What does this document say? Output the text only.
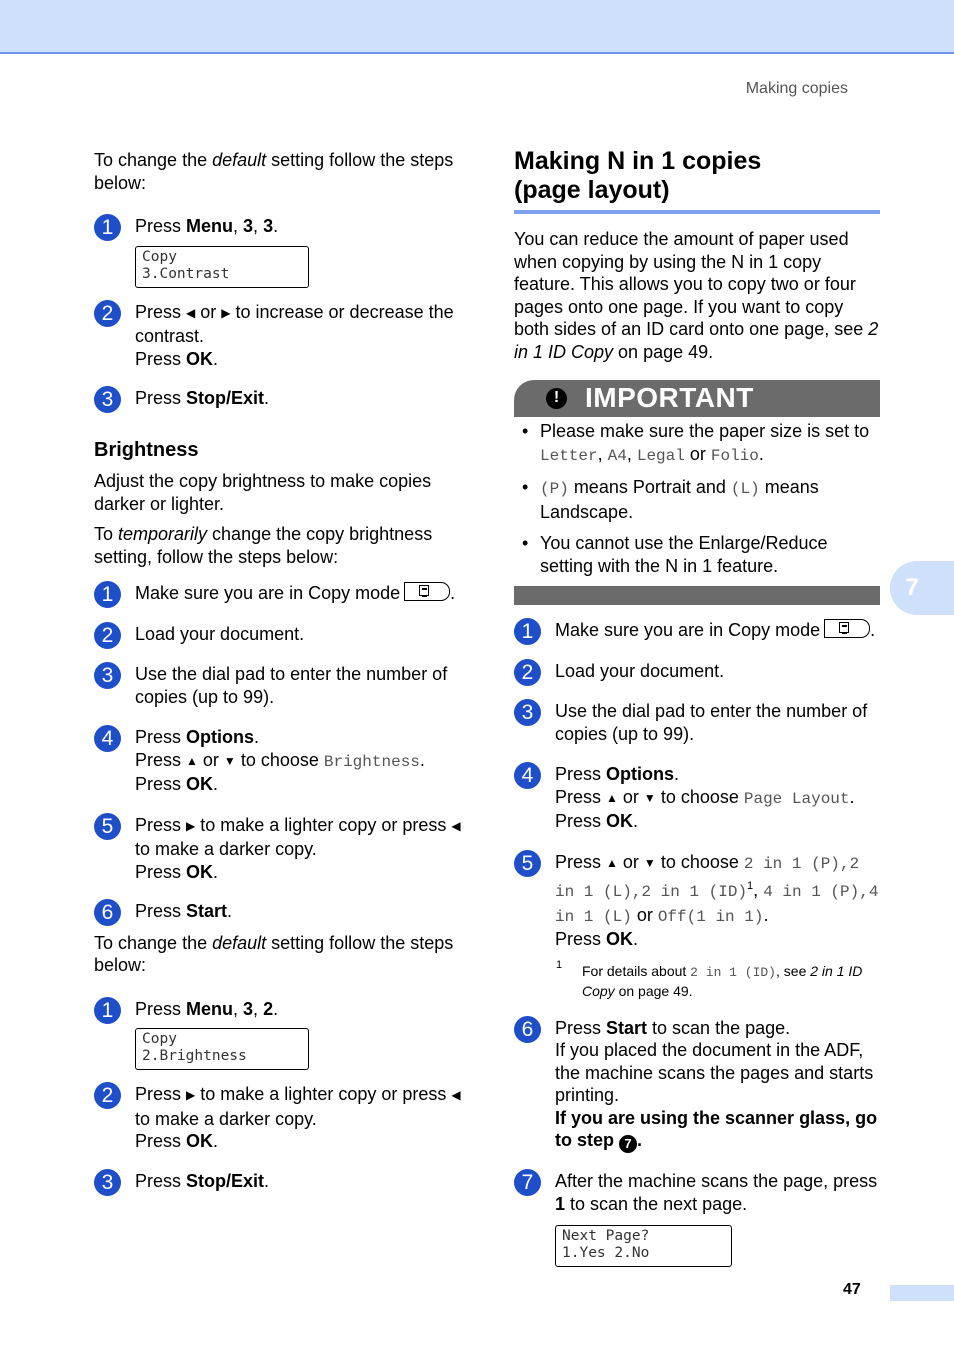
Making copies
7
47

To change the default setting follow the steps below:

1	Press Menu, 3, 3.
Copy
3.Contrast
2	Press ◀ or ▶ to increase or decrease the contrast.
Press OK.
3	Press Stop/Exit.
Brightness

Adjust the copy brightness to make copies darker or lighter.

To temporarily change the copy brightness setting, follow the steps below:

1	Make sure you are in Copy mode	.
2	Load your document.
3	Use the dial pad to enter the number of copies (up to 99).
4	Press Options.
Press ▲ or ▼ to choose Brightness.
Press OK.
5	Press ▶ to make a lighter copy or press ◀ to make a darker copy.
Press OK.
6	Press Start.

To change the default setting follow the steps below:

1	Press Menu, 3, 2.
Copy
2.Brightness
2	Press ▶ to make a lighter copy or press ◀ to make a darker copy.
Press OK.
3	Press Stop/Exit.
Making N in 1 copies
(page layout)

You can reduce the amount of paper used when copying by using the N in 1 copy feature. This allows you to copy two or four pages onto one page. If you want to copy both sides of an ID card onto one page, see 2 in 1 ID Copy on page 49.

! IMPORTANT
• Please make sure the paper size is set to Letter, A4, Legal or Folio.
• (P) means Portrait and (L) means Landscape.
• You cannot use the Enlarge/Reduce setting with the N in 1 feature.
1	Make sure you are in Copy mode	.
2	Load your document.
3	Use the dial pad to enter the number of copies (up to 99).
4	Press Options.
Press ▲ or ▼ to choose Page Layout.
Press OK.
5	Press ▲ or ▼ to choose 2 in 1 (P),2 in 1 (L),2 in 1 (ID)$^1$, 4 in 1 (P),4 in 1 (L) or Off(1 in 1).
Press OK.
1 For details about 2 in 1 (ID), see 2 in 1 ID Copy on page 49.
6	Press Start to scan the page.
If you placed the document in the ADF, the machine scans the pages and starts printing.
If you are using the scanner glass, go to step 7 .
7	After the machine scans the page, press 1 to scan the next page.
Next Page?
1.Yes 2.No
